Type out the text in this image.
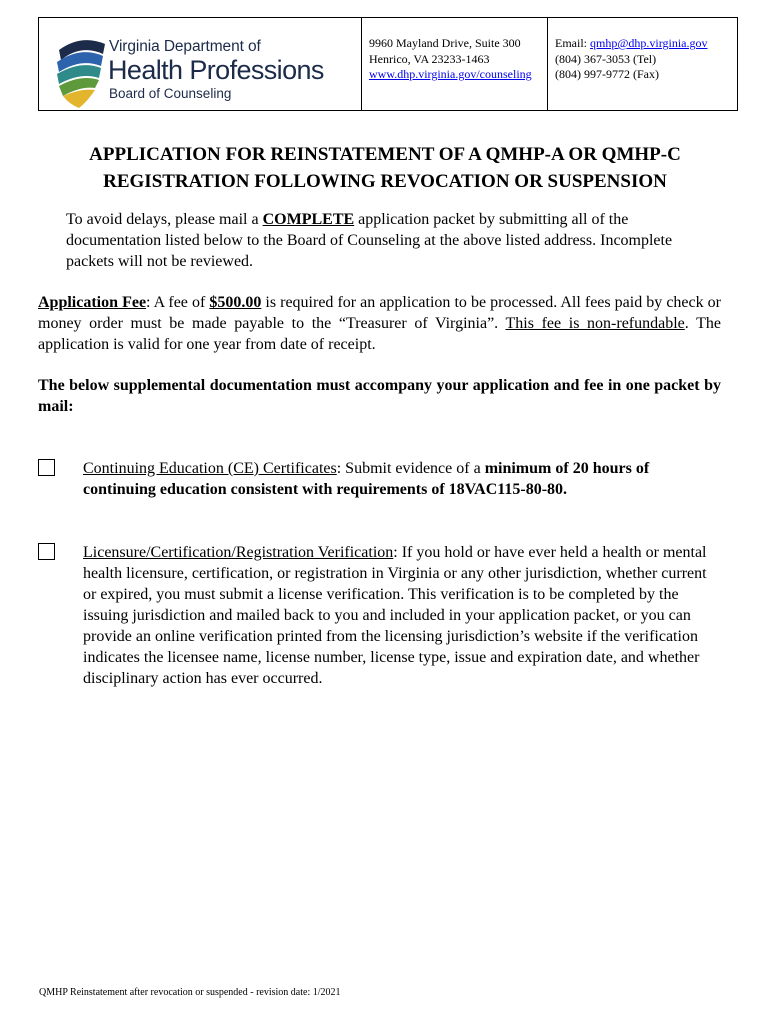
Virginia Department of
Health Professions
Board of Counseling
9960 Mayland Drive, Suite 300
Henrico, VA 23233-1463
www.dhp.virginia.gov/counseling
Email: qmhp@dhp.virginia.gov
(804) 367-3053 (Tel)
(804) 997-9772 (Fax)
APPLICATION FOR REINSTATEMENT OF A QMHP-A OR QMHP-C
REGISTRATION FOLLOWING REVOCATION OR SUSPENSION
To avoid delays, please mail a COMPLETE application packet by submitting all of the documentation listed below to the Board of Counseling at the above listed address. Incomplete packets will not be reviewed.
Application Fee: A fee of $500.00 is required for an application to be processed. All fees paid by check or money order must be made payable to the “Treasurer of Virginia”. This fee is non-refundable. The application is valid for one year from date of receipt.
The below supplemental documentation must accompany your application and fee in one packet by mail:
Continuing Education (CE) Certificates: Submit evidence of a minimum of 20 hours of continuing education consistent with requirements of 18VAC115-80-80.
Licensure/Certification/Registration Verification: If you hold or have ever held a health or mental health licensure, certification, or registration in Virginia or any other jurisdiction, whether current or expired, you must submit a license verification. This verification is to be completed by the issuing jurisdiction and mailed back to you and included in your application packet, or you can provide an online verification printed from the licensing jurisdiction’s website if the verification indicates the licensee name, license number, license type, issue and expiration date, and whether disciplinary action has ever occurred.
QMHP Reinstatement after revocation or suspended - revision date: 1/2021
